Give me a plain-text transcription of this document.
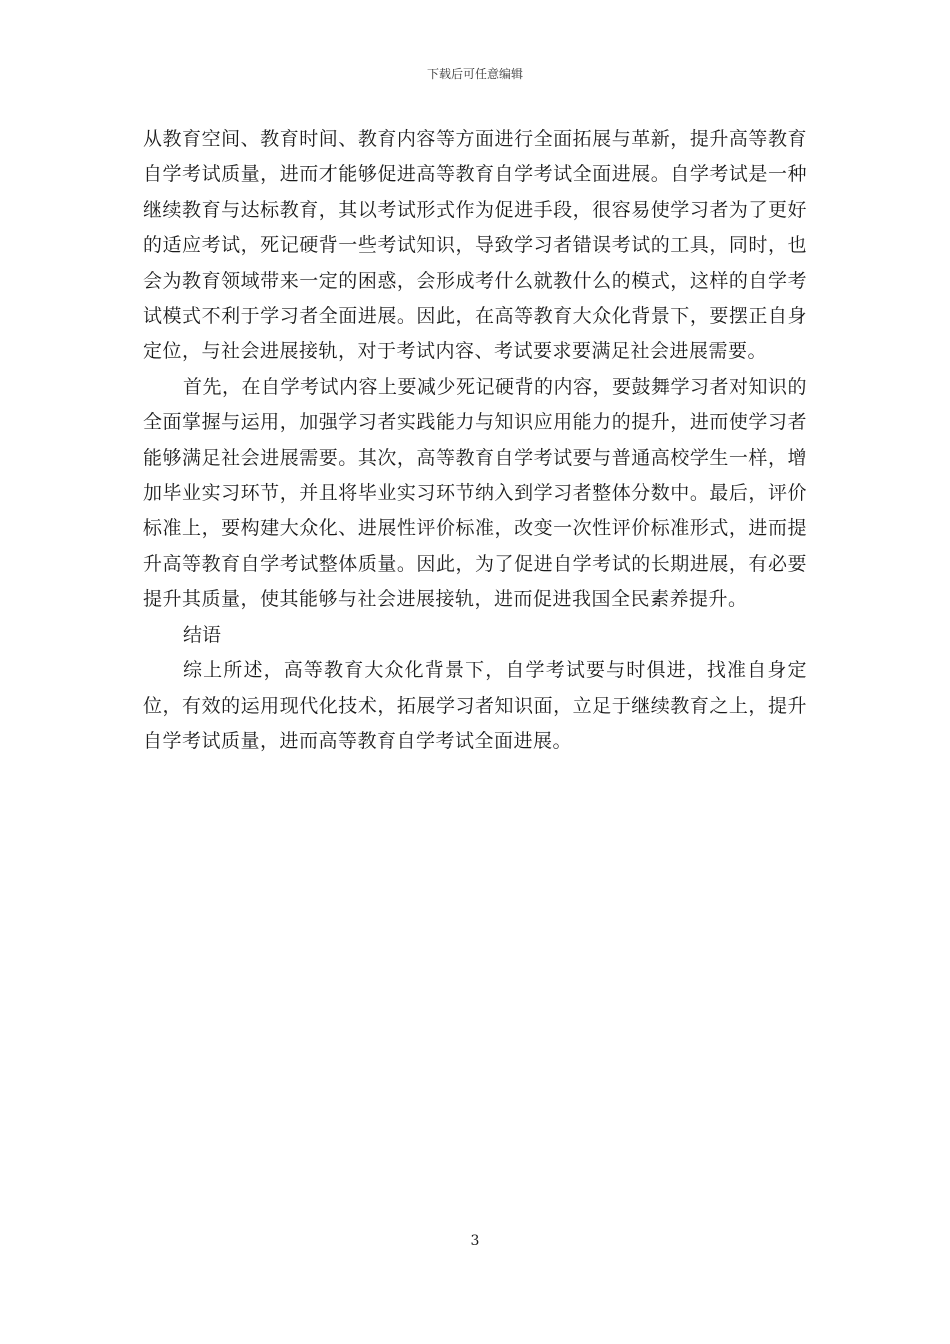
下载后可任意编辑

从教育空间、教育时间、教育内容等方面进行全面拓展与革新，提升高等教育自学考试质量，进而才能够促进高等教育自学考试全面进展。自学考试是一种继续教育与达标教育，其以考试形式作为促进手段，很容易使学习者为了更好的适应考试，死记硬背一些考试知识，导致学习者错误考试的工具，同时，也会为教育领域带来一定的困惑，会形成考什么就教什么的模式，这样的自学考试模式不利于学习者全面进展。因此，在高等教育大众化背景下，要摆正自身定位，与社会进展接轨，对于考试内容、考试要求要满足社会进展需要。

首先，在自学考试内容上要减少死记硬背的内容，要鼓舞学习者对知识的全面掌握与运用，加强学习者实践能力与知识应用能力的提升，进而使学习者能够满足社会进展需要。其次，高等教育自学考试要与普通高校学生一样，增加毕业实习环节，并且将毕业实习环节纳入到学习者整体分数中。最后，评价标准上，要构建大众化、进展性评价标准，改变一次性评价标准形式，进而提升高等教育自学考试整体质量。因此，为了促进自学考试的长期进展，有必要提升其质量，使其能够与社会进展接轨，进而促进我国全民素养提升。

结语

综上所述，高等教育大众化背景下，自学考试要与时俱进，找准自身定位，有效的运用现代化技术，拓展学习者知识面，立足于继续教育之上，提升自学考试质量，进而高等教育自学考试全面进展。

3
